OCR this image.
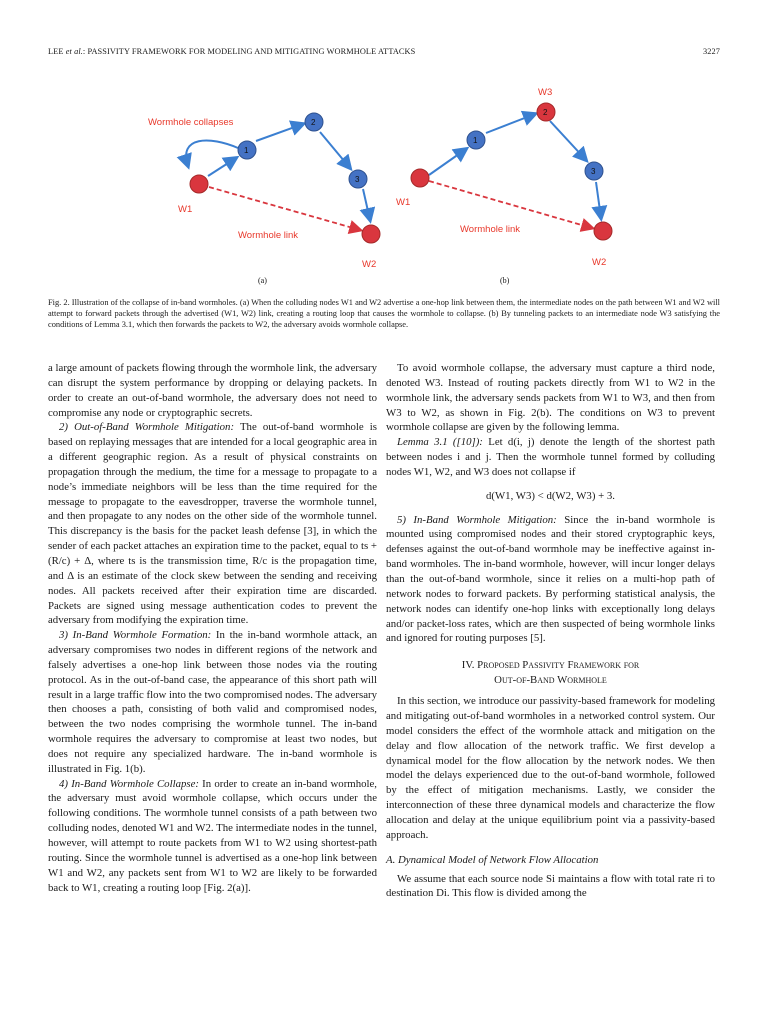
LEE et al.: PASSIVITY FRAMEWORK FOR MODELING AND MITIGATING WORMHOLE ATTACKS	3227
Wormhole collapses
1
2
3
W1
W2
Wormhole link
(a)
1
2
3
W3
W1
W2
Wormhole link
(b)
Fig. 2. Illustration of the collapse of in-band wormholes. (a) When the colluding nodes W1 and W2 advertise a one-hop link between them, the intermediate nodes on the path between W1 and W2 will attempt to forward packets through the advertised (W1, W2) link, creating a routing loop that causes the wormhole to collapse. (b) By tunneling packets to an intermediate node W3 satisfying the conditions of Lemma 3.1, which then forwards the packets to W2, the adversary avoids wormhole collapse.

a large amount of packets flowing through the wormhole link, the adversary can disrupt the system performance by dropping or delaying packets. In order to create an out-of-band wormhole, the adversary does not need to compromise any node or cryptographic secrets.

2) Out-of-Band Wormhole Mitigation: The out-of-band wormhole is based on replaying messages that are intended for a local geographic area in a different geographic region. As a result of physical constraints on propagation through the medium, the time for a message to propagate to a node’s immediate neighbors will be less than the time required for the message to propagate to the eavesdropper, traverse the wormhole tunnel, and then propagate to any nodes on the other side of the wormhole tunnel. This discrepancy is the basis for the packet leash defense [3], in which the sender of each packet attaches an expiration time to the packet, equal to ts + (R/c) + Δ, where ts is the transmission time, R/c is the propagation time, and Δ is an estimate of the clock skew between the sending and receiving nodes. All packets received after their expiration time are discarded. Packets are signed using message authentication codes to prevent the adversary from modifying the expiration time.

3) In-Band Wormhole Formation: In the in-band wormhole attack, an adversary compromises two nodes in different regions of the network and falsely advertises a one-hop link between those nodes via the routing protocol. As in the out-of-band case, the appearance of this short path will result in a large traffic flow into the two compromised nodes. The adversary then chooses a path, consisting of both valid and compromised nodes, between the two nodes comprising the wormhole tunnel. The in-band wormhole requires the adversary to compromise at least two nodes, but does not require any specialized hardware. The in-band wormhole is illustrated in Fig. 1(b).

4) In-Band Wormhole Collapse: In order to create an in-band wormhole, the adversary must avoid wormhole collapse, which occurs under the following conditions. The wormhole tunnel consists of a path between two colluding nodes, denoted W1 and W2. The intermediate nodes in the tunnel, however, will attempt to route packets from W1 to W2 using shortest-path routing. Since the wormhole tunnel is advertised as a one-hop link between W1 and W2, any packets sent from W1 to W2 are likely to be forwarded back to W1, creating a routing loop [Fig. 2(a)].

To avoid wormhole collapse, the adversary must capture a third node, denoted W3. Instead of routing packets directly from W1 to W2 in the wormhole link, the adversary sends packets from W1 to W3, and then from W3 to W2, as shown in Fig. 2(b). The conditions on W3 to prevent wormhole collapse are given by the following lemma.

Lemma 3.1 ([10]): Let d(i, j) denote the length of the shortest path between nodes i and j. Then the wormhole tunnel formed by colluding nodes W1, W2, and W3 does not collapse if

d(W1, W3) < d(W2, W3) + 3.

5) In-Band Wormhole Mitigation: Since the in-band wormhole is mounted using compromised nodes and their stored cryptographic keys, defenses against the out-of-band wormhole may be ineffective against in-band wormholes. The in-band wormhole, however, will incur longer delays than the out-of-band wormhole, since it relies on a multi-hop path of network nodes to forward packets. By performing statistical analysis, the network nodes can identify one-hop links with exceptionally long delays and/or packet-loss rates, which are then suspected of being wormhole links and ignored for routing purposes [5].

IV. Proposed Passivity Framework for
Out-of-Band Wormhole

In this section, we introduce our passivity-based framework for modeling and mitigating out-of-band wormholes in a networked control system. Our model considers the effect of the wormhole attack and mitigation on the delay and flow allocation of the network traffic. We first develop a dynamical model for the flow allocation by the network nodes. We then model the delays experienced due to the out-of-band wormhole, followed by the effect of mitigation mechanisms. Lastly, we consider the interconnection of these three dynamical models and characterize the flow allocation and delay at the unique equilibrium point via a passivity-based approach.

A. Dynamical Model of Network Flow Allocation

We assume that each source node Si maintains a flow with total rate ri to destination Di. This flow is divided among the
